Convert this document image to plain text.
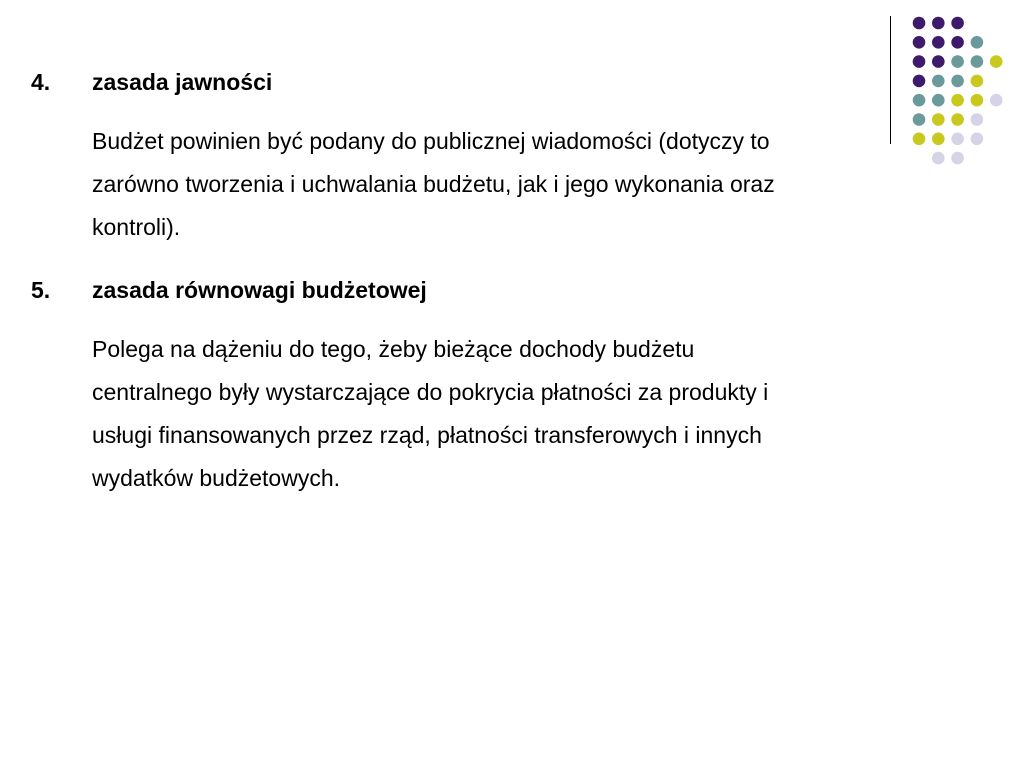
4. zasada jawności
Budżet powinien być podany do publicznej wiadomości (dotyczy to
zarówno tworzenia i uchwalania budżetu, jak i jego wykonania oraz
kontroli).
5. zasada równowagi budżetowej
Polega na dążeniu do tego, żeby bieżące dochody budżetu
centralnego były wystarczające do pokrycia płatności za produkty i
usługi finansowanych przez rząd, płatności transferowych i innych
wydatków budżetowych.
